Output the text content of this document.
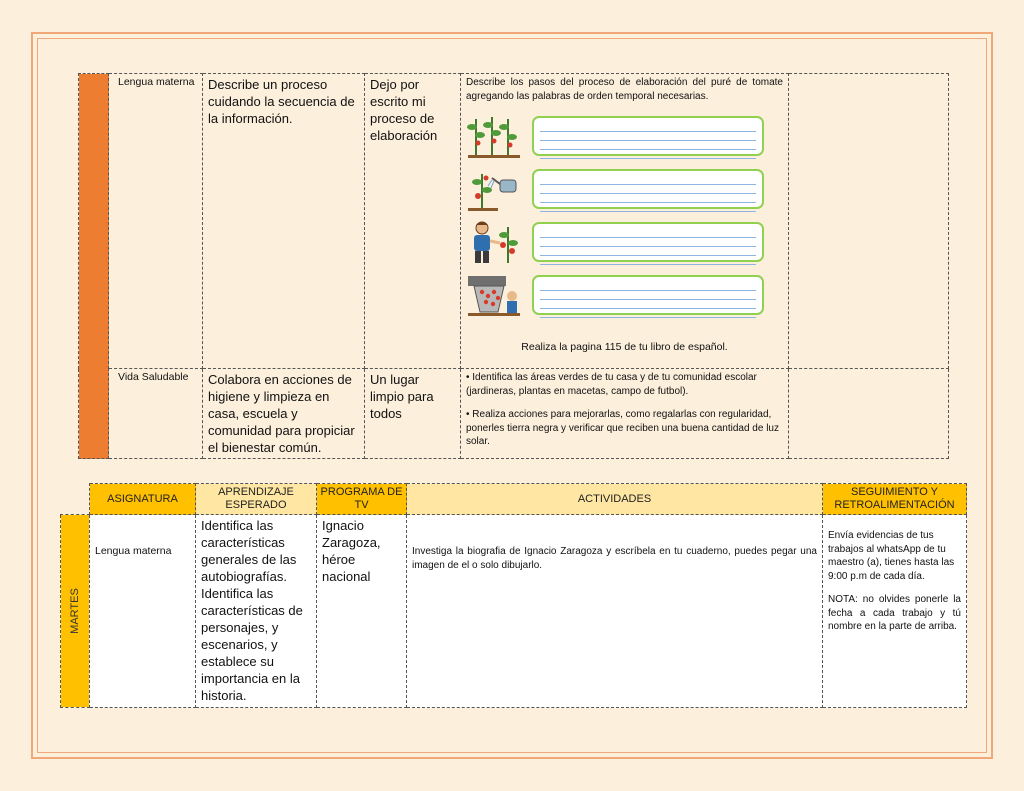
	Lengua materna	Describe un proceso cuidando la secuencia de la información.	Dejo por escrito mi proceso de elaboración	Describe los pasos del proceso de elaboración del puré de tomate agregando las palabras de orden temporal necesarias.
Realiza la pagina 115 de tu libro de español.	

	Vida Saludable	Colabora en acciones de higiene y limpieza en casa, escuela y comunidad para propiciar el bienestar común.	Un lugar limpio para todos	• Identifica las áreas verdes de tu casa y de tu comunidad escolar (jardineras, plantas en macetas, campo de futbol).
• Realiza acciones para mejorarlas, como regalarlas con regularidad, ponerles tierra negra y verificar que reciben una buena cantidad de luz solar.	

	ASIGNATURA	APRENDIZAJE ESPERADO	PROGRAMA DE TV	ACTIVIDADES	SEGUIMIENTO Y RETROALIMENTACIÓN

MARTES	Lengua materna	Identifica las características generales de las autobiografías. Identifica las características de personajes, y escenarios, y establece su importancia en la historia.	Ignacio Zaragoza, héroe nacional	Investiga la biografia de Ignacio Zaragoza y escríbela en tu cuaderno, puedes pegar una imagen de el o solo dibujarlo.	Envía evidencias de tus trabajos al whatsApp de tu maestro (a), tienes hasta las 9:00 p.m de cada día.
NOTA: no olvides ponerle la fecha a cada trabajo y tú nombre en la parte de arriba.
